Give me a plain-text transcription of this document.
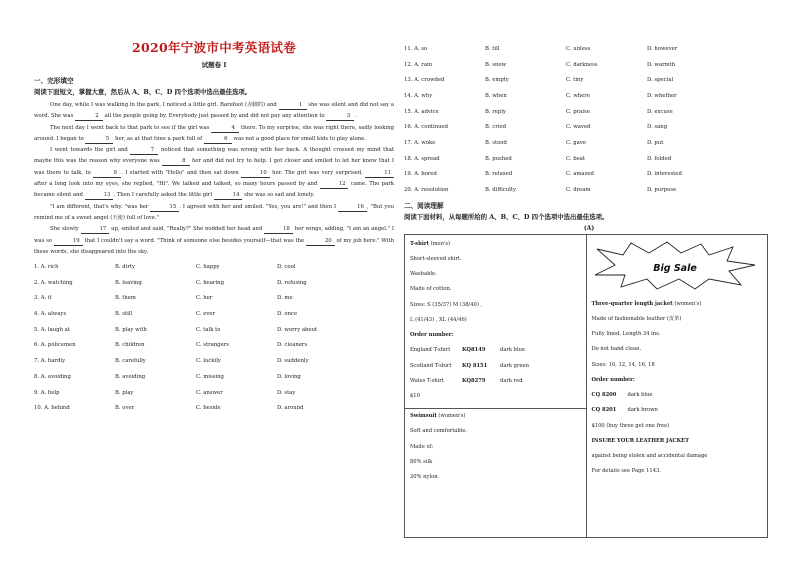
2020年宁波市中考英语试卷
试题卷 I
一、完形填空
阅读下面短文，掌握大意，然后从 A、B、C、D 四个选项中选出最佳选项。

One day, while I was walking in the park, I noticed a little girl. Barefoot (赤脚的) and	1 she was silent and did not say a word. She was	2 all the people going by. Everybody just passed by and did not pay any attention to	3 .

The next day I went back to that park to see if the girl was	4 there. To my surprise, she was right there, sadly looking around. I began to	5 her, as at that time a park full of	6 was not a good place for small kids to play alone.

I went towards the girl and	7 noticed that something was wrong with her back. A thought crossed my mind that maybe this was the reason why everyone was	8 her and did not try to help. I got closer and smiled to let her know that I was there to talk, to	9 . I started with "Hello" and then sat down	10 her. The girl was very surprised,	11 after a long look into my eyes, she replied, "Hi". We talked and talked, so many hours passed by and	12 came. The park became silent and	13 . Then I carefully asked the little girl	14 she was so sad and lonely.

"I am different, that's why. "was her	15 . I agreed with her and smiled. "Yes, you are!" and then I	16 , "But you remind me of a sweet angel (天使) full of love."

She slowly	17 up, smiled and said, "Really?" She nodded her head and	18 her wings, adding, "I am an angel." I was so	19 that I couldn't say a word. "Think of someone else besides yourself—that was the	20 of my job here." With these words, she disappeared into the sky.

1. A. rich	B. dirty	C. happy	D. cool
2. A. watching	B. leaving	C. hearing	D. refusing
3. A. it	B. them	C. her	D. me
4. A. always	B. still	C. ever	D. once
5. A. laugh at	B. play with	C. talk to	D. worry about
6. A. policemen	B. children	C. strangers	D. cleaners
7. A. hardly	B. carefully	C. luckily	D. suddenly
8. A. avoiding	B. avoiding	C. missing	D. loving
9. A. help	B. play	C. answer	D. stay
10. A. behind	B. over	C. beside	D. around
11. A. so	B. till	C. unless	D. however
12. A. rain	B. snow	C. darkness	D. warmth
13. A. crowded	B. empty	C. tiny	D. special
14. A. why	B. when	C. where	D. whether
15. A. advice	B. reply	C. praise	D. excuse
16. A. continued	B. cried	C. waved	D. sang
17. A. woke	B. stood	C. gave	D. put
18. A. spread	B. pushed	C. beat	D. folded
19. A. bored	B. relaxed	C. amazed	D. interested
20. A. resolution	B. difficulty	C. dream	D. purpose
二、阅读理解
阅读下面材料，从每题所给的 A、B、C、D 四个选项中选出最佳选项。
(A)
T-shirt (men's)
Short-sleeved shirt.
Washable.
Made of cotton.
Sizes: S (35/37) M (38/40) ,
L (41/43) , XL (44/46)
Order number:
England T-shirt	KQ8149	dark blue
Scotland T-shirt	KQ 8151	dark green
Wales T-shirt	KQ8279	dark red
$10
Swimsuit (women's)
Soft and comfortable.
Made of:
80% silk
20% nylon.
Big Sale
Three-quarter length jacket (women's)
Made of fashionable leather (皮革)
Fully lined. Length 34 ins.
Do not hand clean.
Sizes: 10, 12, 14, 16, 18
Order number:
CQ 8200	dark blue
CQ 8201	dark brown
$100 (buy three get one free)
INSURE YOUR LEATHER JACKET
against being stolen and accidental damage
For details see Page 1143.
